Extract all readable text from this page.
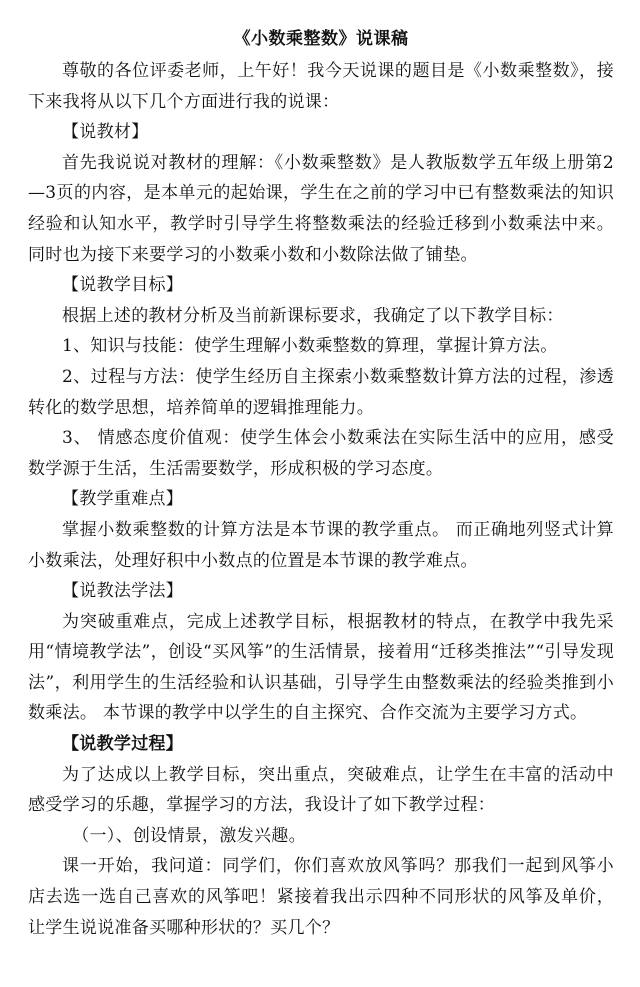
《小数乘整数》说课稿

尊敬的各位评委老师，上午好！我今天说课的题目是《小数乘整数》，接下来我将从以下几个方面进行我的说课：

【说教材】

首先我说说对教材的理解：《小数乘整数》是人教版数学五年级上册第2—3页的内容，是本单元的起始课，学生在之前的学习中已有整数乘法的知识经验和认知水平，教学时引导学生将整数乘法的经验迁移到小数乘法中来。同时也为接下来要学习的小数乘小数和小数除法做了铺垫。

【说教学目标】

根据上述的教材分析及当前新课标要求，我确定了以下教学目标：

1、知识与技能：使学生理解小数乘整数的算理，掌握计算方法。

2、过程与方法：使学生经历自主探索小数乘整数计算方法的过程，渗透转化的数学思想，培养简单的逻辑推理能力。

3、 情感态度价值观：使学生体会小数乘法在实际生活中的应用，感受数学源于生活，生活需要数学，形成积极的学习态度。

【教学重难点】

掌握小数乘整数的计算方法是本节课的教学重点。 而正确地列竖式计算小数乘法，处理好积中小数点的位置是本节课的教学难点。

【说教法学法】

为突破重难点，完成上述教学目标，根据教材的特点，在教学中我先采用“情境教学法”，创设“买风筝”的生活情景，接着用“迁移类推法”“引导发现法”，利用学生的生活经验和认识基础，引导学生由整数乘法的经验类推到小数乘法。 本节课的教学中以学生的自主探究、合作交流为主要学习方式。

【说教学过程】

为了达成以上教学目标，突出重点，突破难点，让学生在丰富的活动中感受学习的乐趣，掌握学习的方法，我设计了如下教学过程：

（一）、创设情景，激发兴趣。

课一开始，我问道：同学们，你们喜欢放风筝吗？那我们一起到风筝小店去选一选自己喜欢的风筝吧！紧接着我出示四种不同形状的风筝及单价，让学生说说准备买哪种形状的？买几个？
